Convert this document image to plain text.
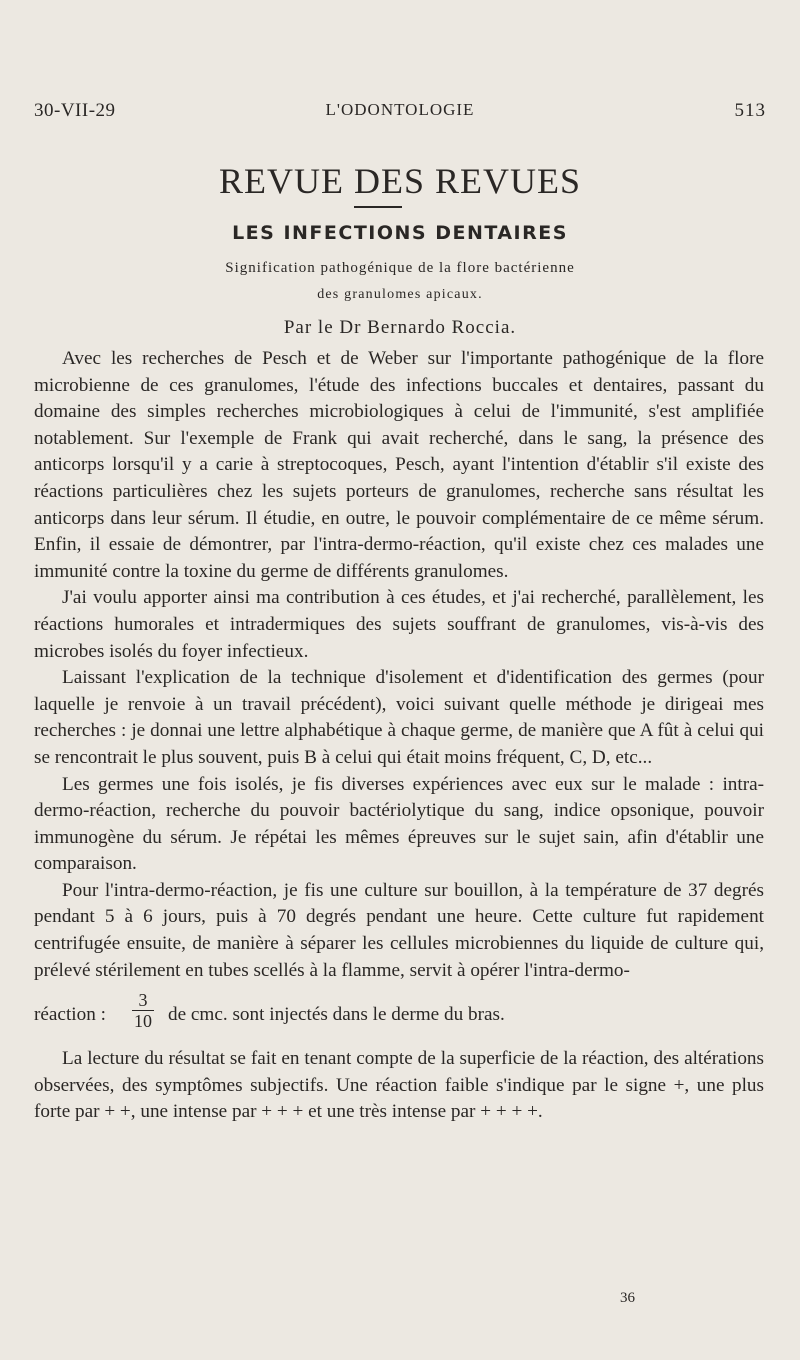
30-VII-29	L'ODONTOLOGIE	513
REVUE DES REVUES
LES INFECTIONS DENTAIRES
Signification pathogénique de la flore bactérienne
des granulomes apicaux.
Par le Dr Bernardo Roccia.

Avec les recherches de Pesch et de Weber sur l'importante pathogénique de la flore microbienne de ces granulomes, l'étude des infections buccales et dentaires, passant du domaine des simples recherches microbiologiques à celui de l'immunité, s'est amplifiée notablement. Sur l'exemple de Frank qui avait recherché, dans le sang, la présence des anticorps lorsqu'il y a carie à streptocoques, Pesch, ayant l'intention d'établir s'il existe des réactions particulières chez les sujets porteurs de granulomes, recherche sans résultat les anticorps dans leur sérum. Il étudie, en outre, le pouvoir complémentaire de ce même sérum. Enfin, il essaie de démontrer, par l'intra-dermo-réaction, qu'il existe chez ces malades une immunité contre la toxine du germe de différents granulomes.

J'ai voulu apporter ainsi ma contribution à ces études, et j'ai recherché, parallèlement, les réactions humorales et intradermiques des sujets souffrant de granulomes, vis-à-vis des microbes isolés du foyer infectieux.

Laissant l'explication de la technique d'isolement et d'identification des germes (pour laquelle je renvoie à un travail précédent), voici suivant quelle méthode je dirigeai mes recherches : je donnai une lettre alphabétique à chaque germe, de manière que A fût à celui qui se rencontrait le plus souvent, puis B à celui qui était moins fréquent, C, D, etc...

Les germes une fois isolés, je fis diverses expériences avec eux sur le malade : intra-dermo-réaction, recherche du pouvoir bactériolytique du sang, indice opsonique, pouvoir immunogène du sérum. Je répétai les mêmes épreuves sur le sujet sain, afin d'établir une comparaison.

Pour l'intra-dermo-réaction, je fis une culture sur bouillon, à la température de 37 degrés pendant 5 à 6 jours, puis à 70 degrés pendant une heure. Cette culture fut rapidement centrifugée ensuite, de manière à séparer les cellules microbiennes du liquide de culture qui, prélevé stérilement en tubes scellés à la flamme, servit à opérer l'intra-dermo-

réaction : $\frac{3}{10}$ de cmc. sont injectés dans le derme du bras.

La lecture du résultat se fait en tenant compte de la superficie de la réaction, des altérations observées, des symptômes subjectifs. Une réaction faible s'indique par le signe +, une plus forte par + +, une intense par + + + et une très intense par + + + +.

36
